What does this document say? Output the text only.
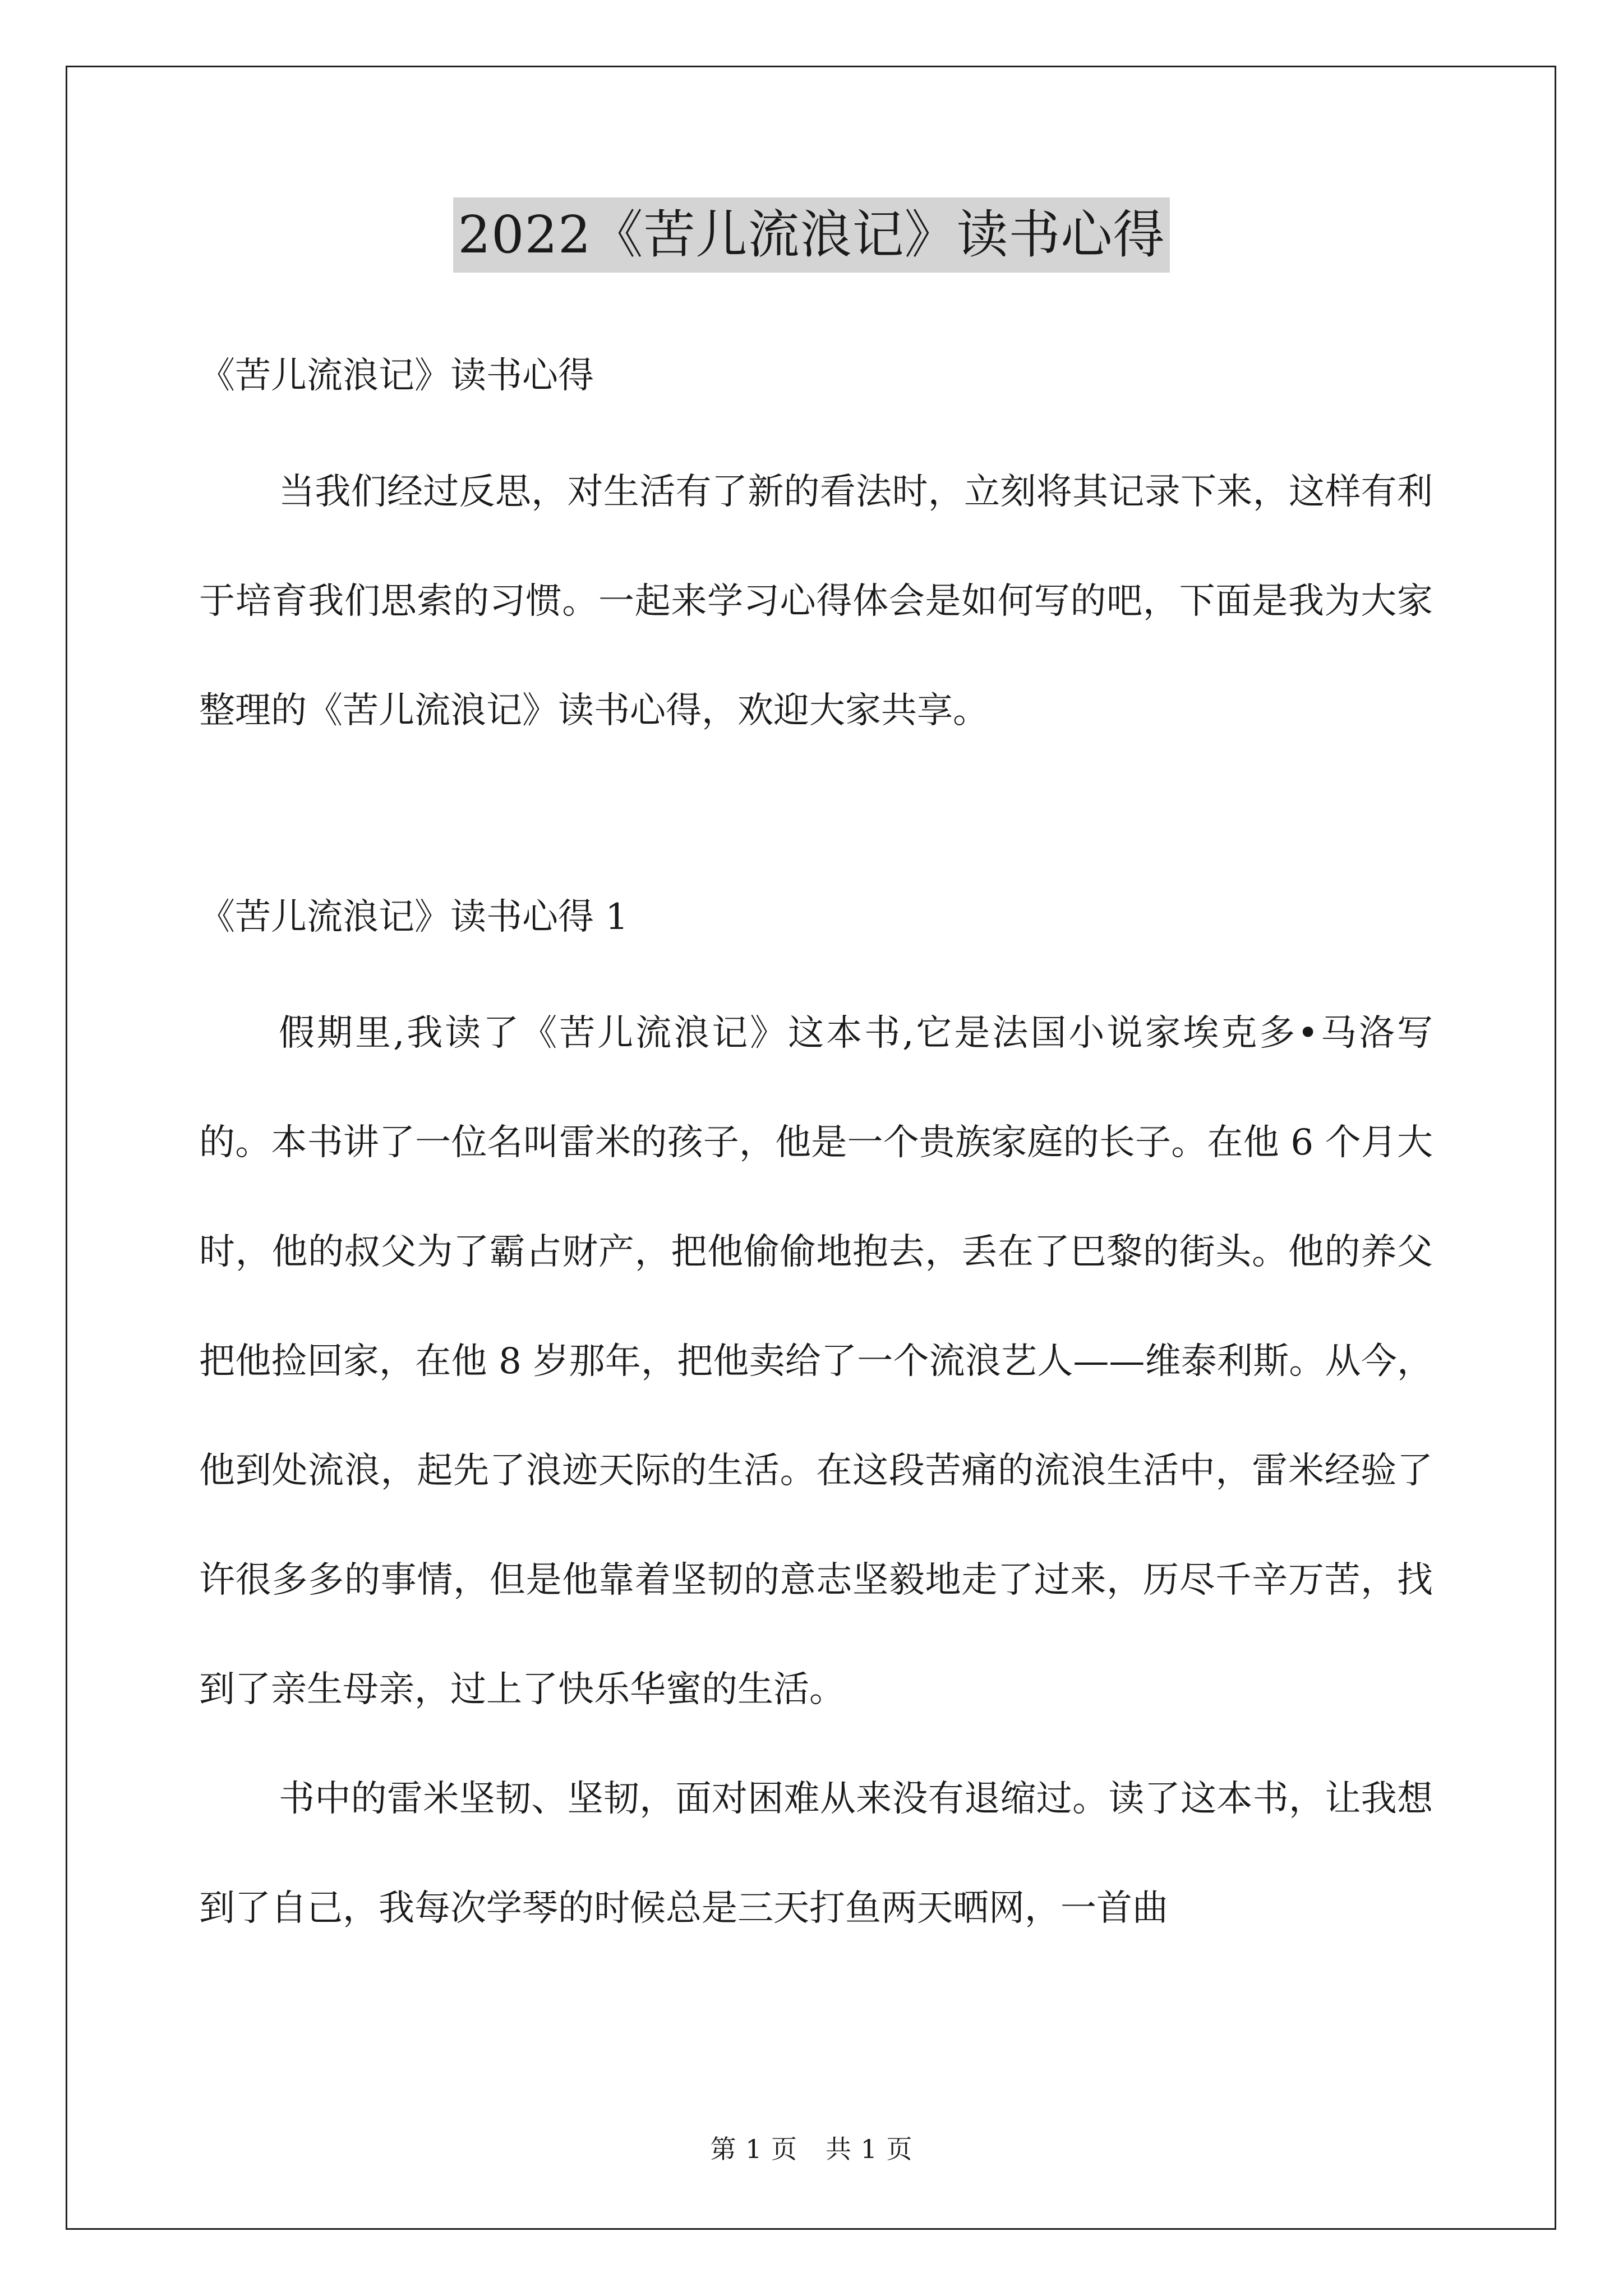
2022《苦儿流浪记》读书心得

《苦儿流浪记》读书心得

当我们经过反思，对生活有了新的看法时，立刻将其记录下来，这样有利于培育我们思索的习惯。一起来学习心得体会是如何写的吧，下面是我为大家整理的《苦儿流浪记》读书心得，欢迎大家共享。

《苦儿流浪记》读书心得 1

假期里,我读了《苦儿流浪记》这本书,它是法国小说家埃克多•马洛写的。本书讲了一位名叫雷米的孩子，他是一个贵族家庭的长子。在他 6 个月大时，他的叔父为了霸占财产，把他偷偷地抱去，丢在了巴黎的街头。他的养父把他捡回家，在他 8 岁那年，把他卖给了一个流浪艺人——维泰利斯。从今，他到处流浪，起先了浪迹天际的生活。在这段苦痛的流浪生活中，雷米经验了许很多多的事情，但是他靠着坚韧的意志坚毅地走了过来，历尽千辛万苦，找到了亲生母亲，过上了快乐华蜜的生活。

书中的雷米坚韧、坚韧，面对困难从来没有退缩过。读了这本书，让我想到了自己，我每次学琴的时候总是三天打鱼两天晒网，一首曲

第 1 页 共 1 页
